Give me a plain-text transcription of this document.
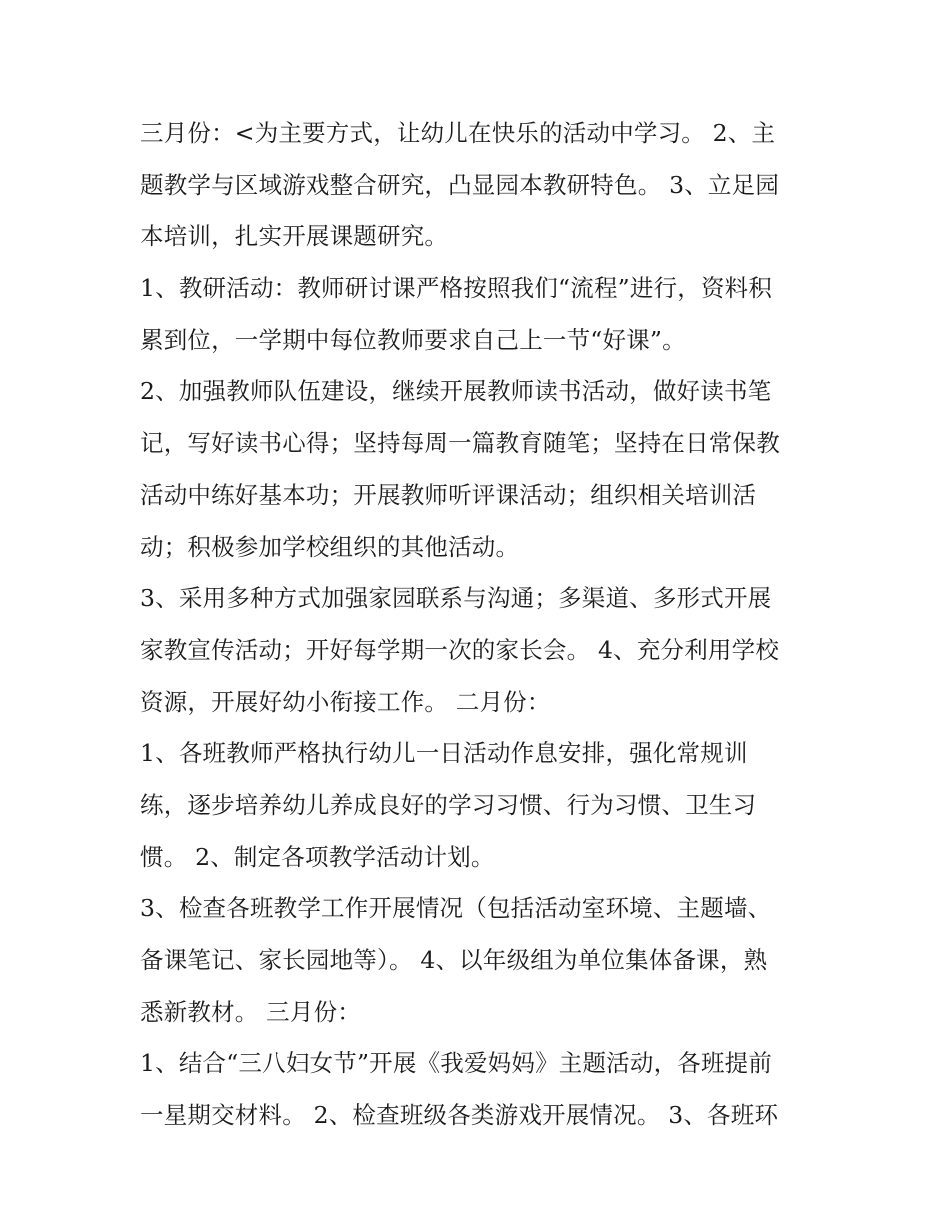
三月份：<为主要方式，让幼儿在快乐的活动中学习。 2、主
题教学与区域游戏整合研究，凸显园本教研特色。 3、立足园
本培训，扎实开展课题研究。
1、教研活动：教师研讨课严格按照我们“流程”进行，资料积
累到位，一学期中每位教师要求自己上一节“好课”。
2、加强教师队伍建设，继续开展教师读书活动，做好读书笔
记，写好读书心得；坚持每周一篇教育随笔；坚持在日常保教
活动中练好基本功；开展教师听评课活动；组织相关培训活
动；积极参加学校组织的其他活动。
3、采用多种方式加强家园联系与沟通；多渠道、多形式开展
家教宣传活动；开好每学期一次的家长会。 4、充分利用学校
资源，开展好幼小衔接工作。 二月份：
1、各班教师严格执行幼儿一日活动作息安排，强化常规训
练，逐步培养幼儿养成良好的学习习惯、行为习惯、卫生习
惯。 2、制定各项教学活动计划。
3、检查各班教学工作开展情况（包括活动室环境、主题墙、
备课笔记、家长园地等）。 4、以年级组为单位集体备课，熟
悉新教材。 三月份：
1、结合“三八妇女节”开展《我爱妈妈》主题活动，各班提前
一星期交材料。 2、检查班级各类游戏开展情况。 3、各班环
